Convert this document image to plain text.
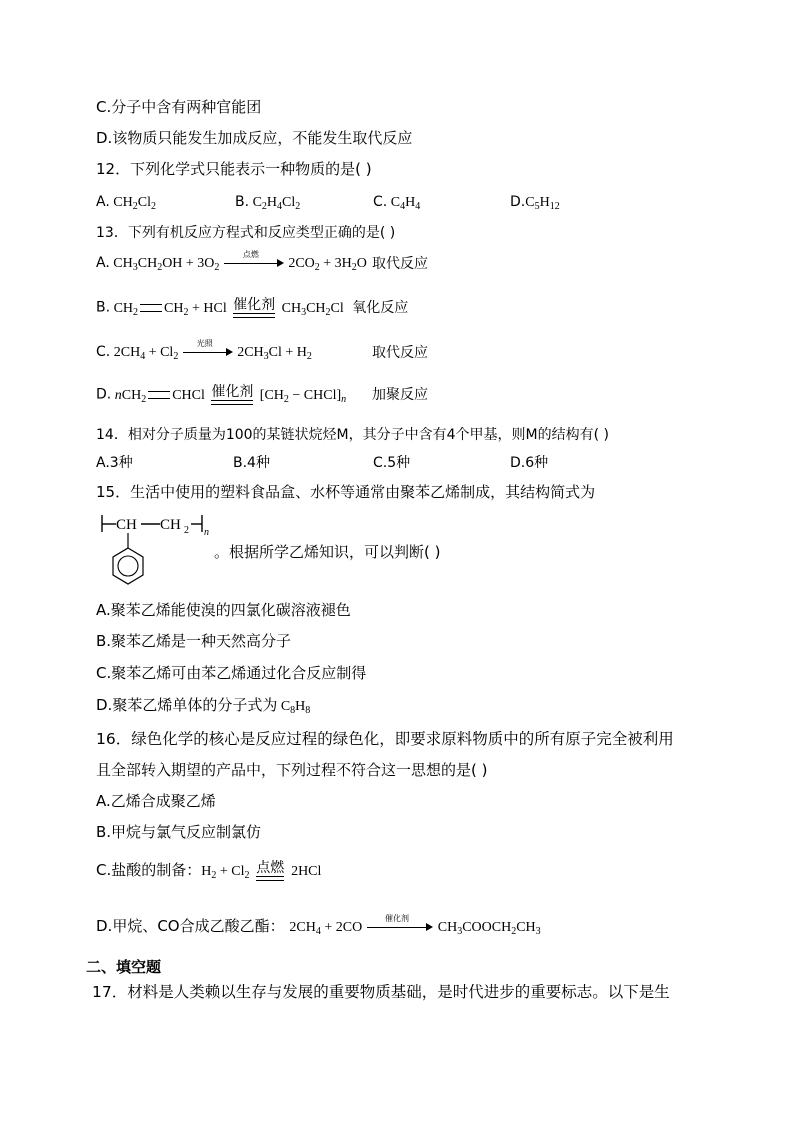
C.分子中含有两种官能团
D.该物质只能发生加成反应，不能发生取代反应
12．下列化学式只能表示一种物质的是( )
A. $CH_2Cl_2$	B. $C_2H_4Cl_2$	C. $C_4H_4$	$D.C_5H_{12}$
13．下列有机反应方程式和反应类型正确的是( )
A. $CH_3CH_2OH + 3O_2$
点燃
$2CO_2 + 3H_2O$ 取代反应
B. $CH_2$ $CH_2$ + HCl 催化剂 $CH_3CH_2Cl$ 氧化反应
C. $2CH_4 + Cl_2$
光照
$2CH_3Cl + H_2$	取代反应
D. nCH$_2$ CHCl 催化剂 [$CH_2$ − $CHCl]_n$ 加聚反应
14．相对分子质量为100的某链状烷烃M，其分子中含有4个甲基，则M的结构有( )
A.3种	B.4种	C.5种	D.6种
15．生活中使用的塑料食品盒、水杯等通常由聚苯乙烯制成，其结构简式为
CH CH 2 n
。根据所学乙烯知识，可以判断( )
A.聚苯乙烯能使溴的四氯化碳溶液褪色
B.聚苯乙烯是一种天然高分子
C.聚苯乙烯可由苯乙烯通过化合反应制得
D.聚苯乙烯单体的分子式为 $C_8H_8$
16．绿色化学的核心是反应过程的绿色化，即要求原料物质中的所有原子完全被利用
且全部转入期望的产品中，下列过程不符合这一思想的是( )
A.乙烯合成聚乙烯
B.甲烷与氯气反应制氯仿
C.盐酸的制备：$H_2 + Cl_2$ 点燃 2HCl
D.甲烷、CO合成乙酸乙酯： $2CH_4 + 2CO$
催化剂
$CH_3COOCH_2CH_3$
二、填空题
17．材料是人类赖以生存与发展的重要物质基础，是时代进步的重要标志。以下是生
